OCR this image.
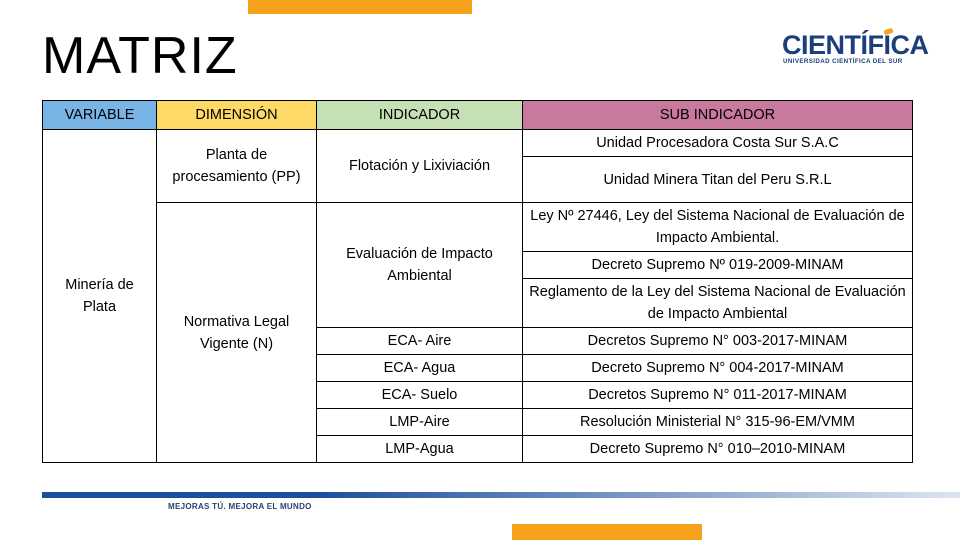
MATRIZ	CIENTÍFICA
UNIVERSIDAD CIENTÍFICA DEL SUR
VARIABLE	DIMENSIÓN	INDICADOR	SUB INDICADOR
Minería de Plata	Planta de procesamiento (PP)	Flotación y Lixiviación	Unidad Procesadora Costa Sur S.A.C
			Unidad Minera Titan del Peru S.R.L
	Normativa Legal Vigente (N)	Evaluación de Impacto Ambiental	Ley Nº 27446, Ley del Sistema Nacional de Evaluación de Impacto Ambiental.
			Decreto Supremo Nº 019-2009-MINAM
			Reglamento de la Ley del Sistema Nacional de Evaluación de Impacto Ambiental
		ECA- Aire	Decretos Supremo N° 003-2017-MINAM
		ECA- Agua	Decreto Supremo N° 004-2017-MINAM
		ECA- Suelo	Decretos Supremo N° 011-2017-MINAM
		LMP-Aire	Resolución Ministerial N° 315-96-EM/VMM
		LMP-Agua	Decreto Supremo N° 010–2010-MINAM
MEJORAS TÚ. MEJORA EL MUNDO
